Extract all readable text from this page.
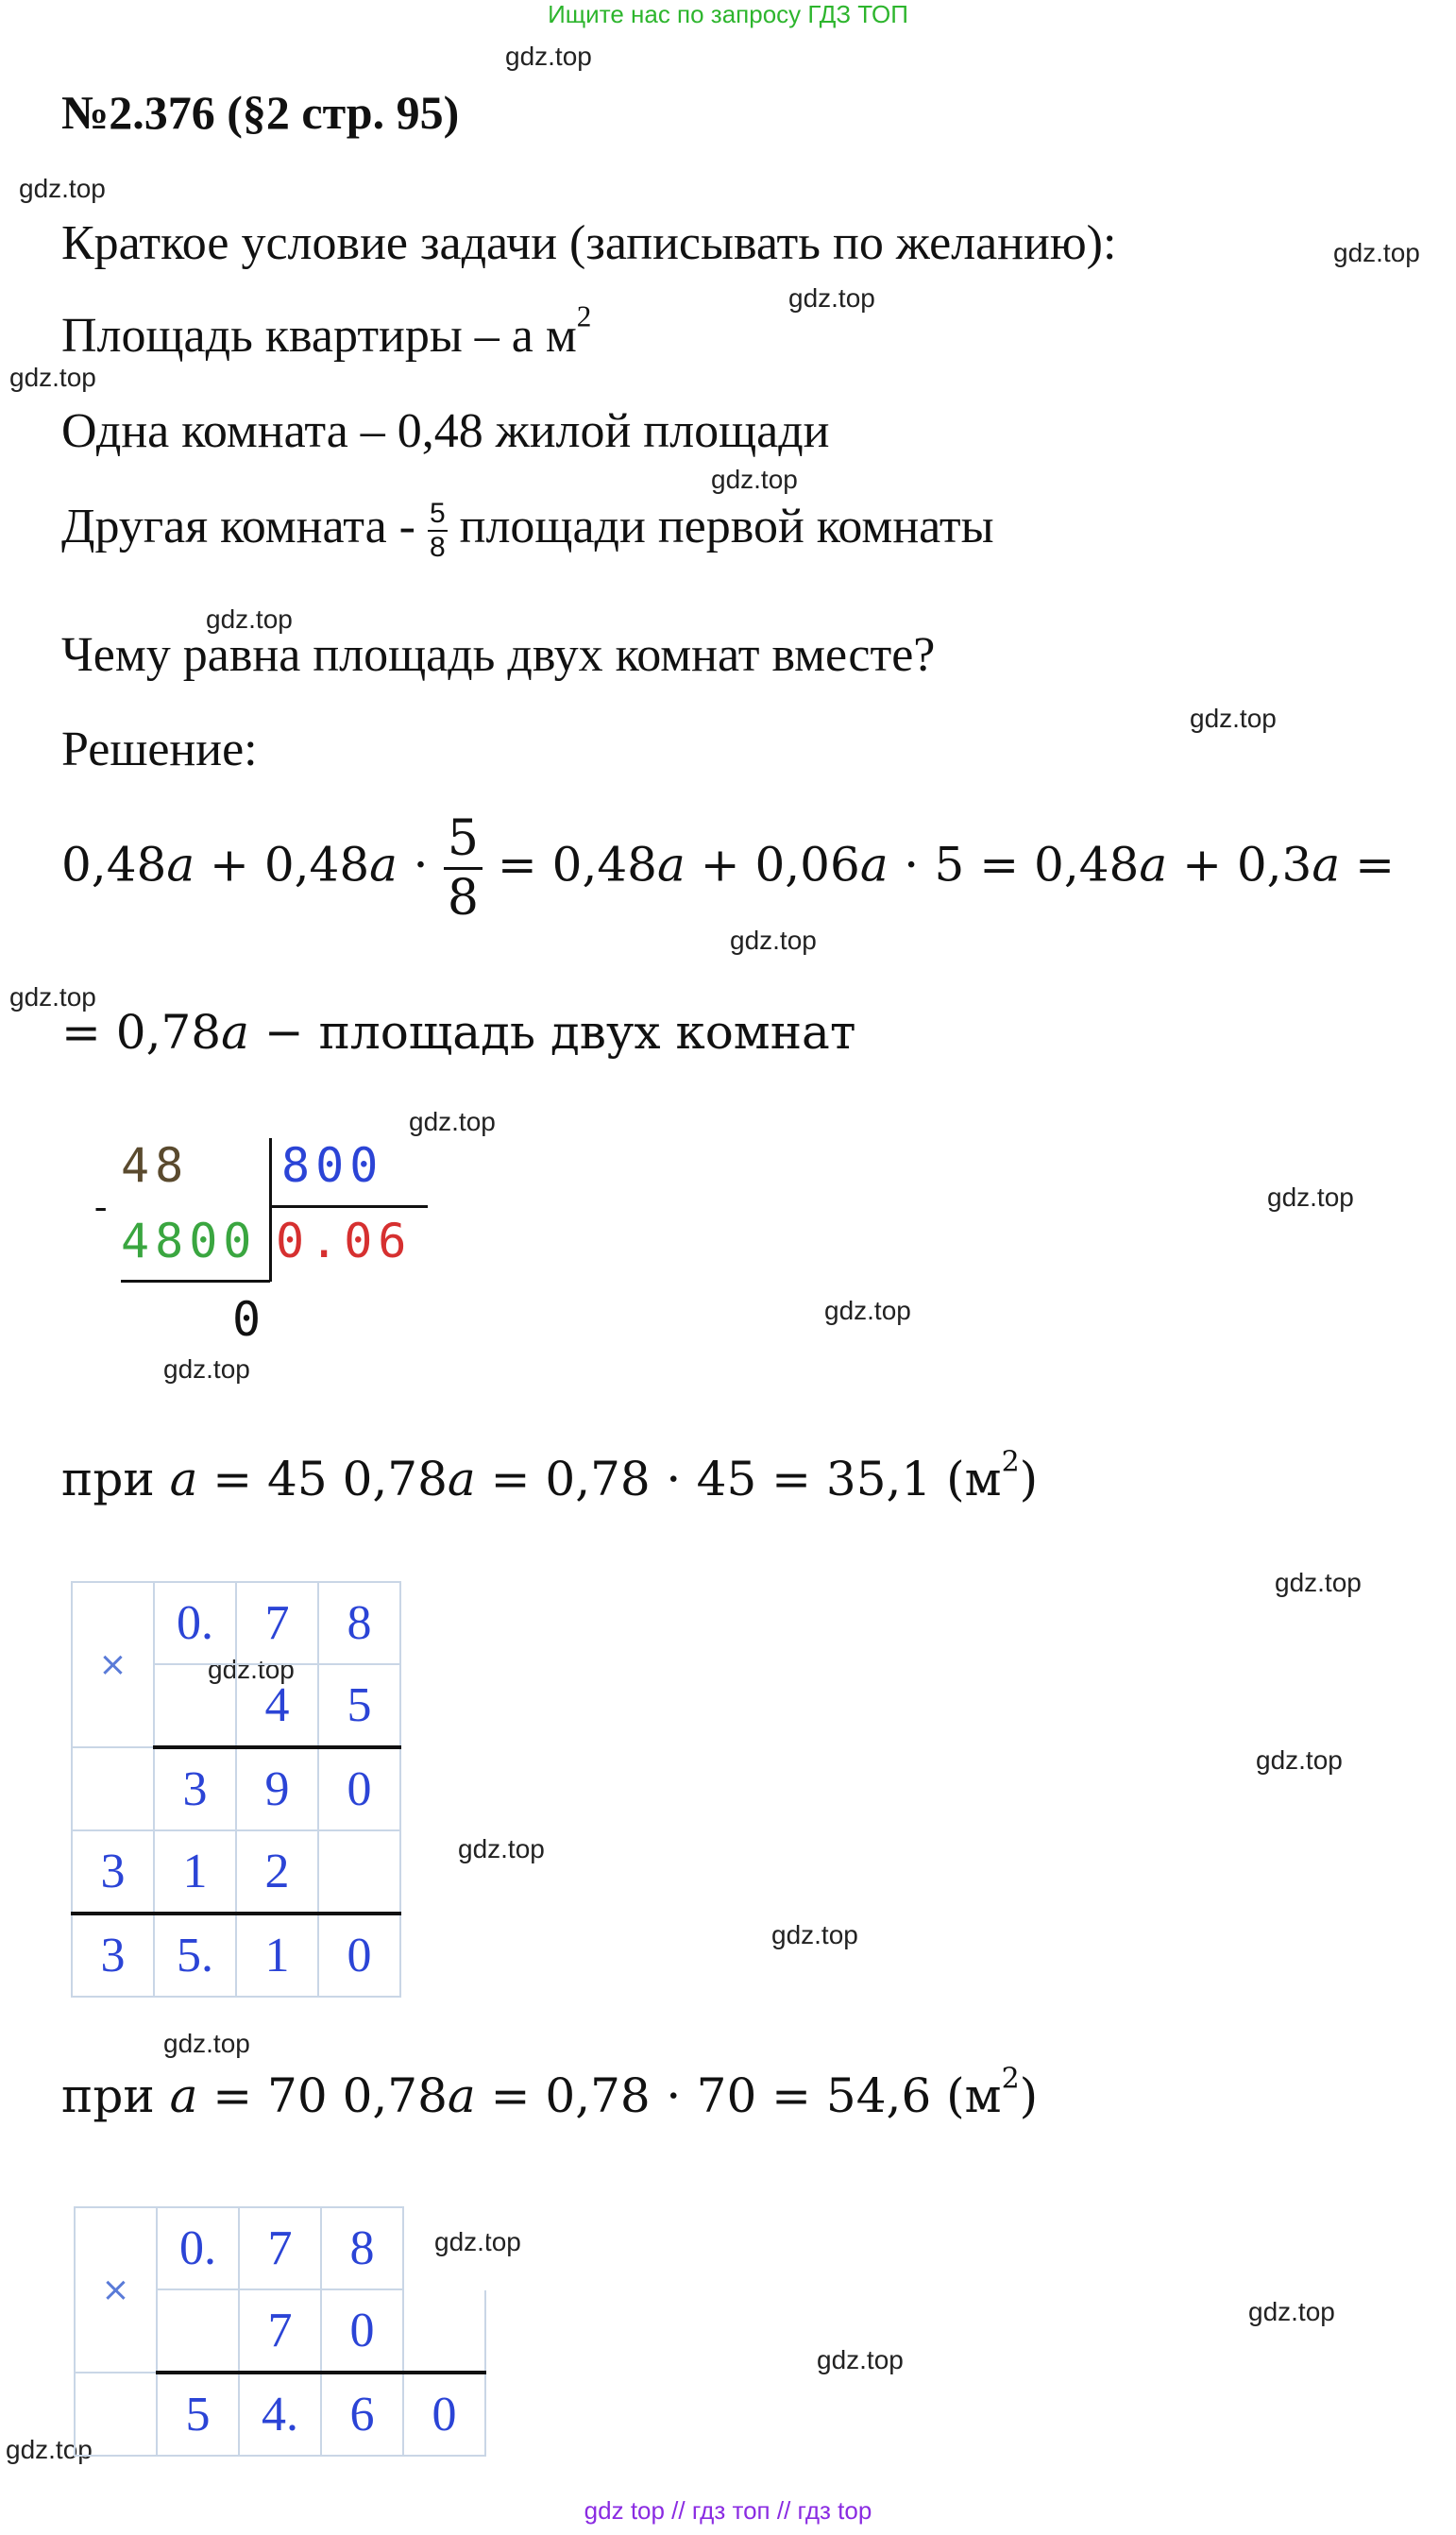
Ищите нас по запросу ГДЗ ТОП
gdz.top
gdz.top
gdz.top
gdz.top
gdz.top
gdz.top
gdz.top
gdz.top
gdz.top
gdz.top
gdz.top
gdz.top
gdz.top
gdz.top
gdz.top
gdz.top
gdz.top
gdz.top
gdz.top
gdz.top
gdz.top
gdz.top
gdz.top
gdz.top
№2.376 (§2 стр. 95)
Краткое условие задачи (записывать по желанию):
Площадь квартиры – а $м^2$
Одна комната – 0,48 жилой площади
Другая комната - $\frac{5}{8}$ площади первой комнаты
Чему равна площадь двух комнат вместе?
Решение:
$0,48a + 0,48a \cdot \frac{5}{8} = 0,48a + 0,06a \cdot 5 = 0,48a + 0,3a$ =
= 0,78a − площадь двух комнат
48 800
-
4800 0.06
0
при a = 45 0,78a = 0,78 ⋅ 45 = 35,1 $(м^2)$
×	0.	7	8
		4	5
	3	9	0
3	1	2	
3	5.	1	0
при a = 70 0,78a = 0,78 ⋅ 70 = 54,6 $(м^2)$
×	0.	7	8	
		7	0	
	5	4.	6	0
gdz top // гдз топ // гдз top
